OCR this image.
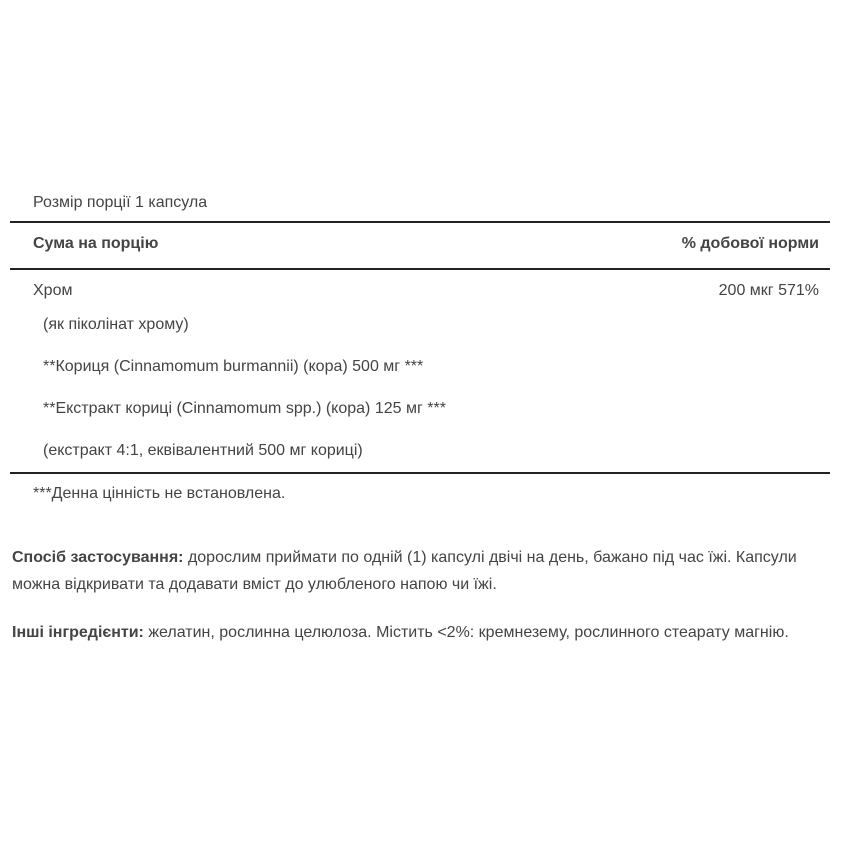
Розмір порції 1 капсула
Сума на порцію	% добової норми
Хром	200 мкг 571%
(як піколінат хрому)
**Кориця (Cinnamomum burmannii) (кора) 500 мг ***
**Екстракт кориці (Cinnamomum spp.) (кора) 125 мг ***
(екстракт 4:1, еквівалентний 500 мг кориці)
***Денна цінність не встановлена.

Спосіб застосування: дорослим приймати по одній (1) капсулі двічі на день, бажано під час їжі. Капсули можна відкривати та додавати вміст до улюбленого напою чи їжі.

Інші інгредієнти: желатин, рослинна целюлоза. Містить <2%: кремнезему, рослинного стеарату магнію.
